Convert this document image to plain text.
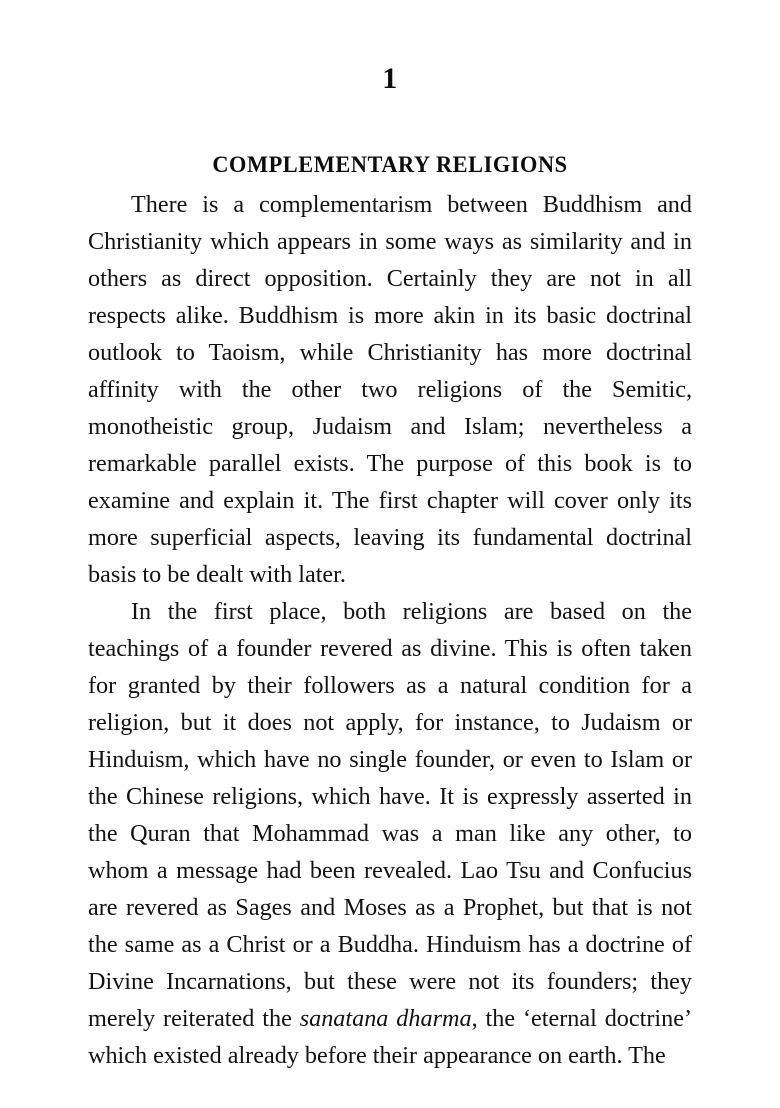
1
COMPLEMENTARY RELIGIONS

There is a complementarism between Buddhism and Christianity which appears in some ways as similarity and in others as direct opposition. Certainly they are not in all respects alike. Buddhism is more akin in its basic doctrinal outlook to Taoism, while Christianity has more doctrinal affinity with the other two religions of the Semitic, monotheistic group, Judaism and Islam; nevertheless a remarkable parallel exists. The purpose of this book is to examine and explain it. The first chapter will cover only its more superficial aspects, leaving its fundamental doctrinal basis to be dealt with later.

In the first place, both religions are based on the teachings of a founder revered as divine. This is often taken for granted by their followers as a natural condition for a religion, but it does not apply, for instance, to Judaism or Hinduism, which have no single founder, or even to Islam or the Chinese religions, which have. It is expressly asserted in the Quran that Mohammad was a man like any other, to whom a message had been revealed. Lao Tsu and Confucius are revered as Sages and Moses as a Prophet, but that is not the same as a Christ or a Buddha. Hinduism has a doctrine of Divine Incarnations, but these were not its founders; they merely reiterated the sanatana dharma, the ‘eternal doctrine’ which existed already before their appearance on earth. The
